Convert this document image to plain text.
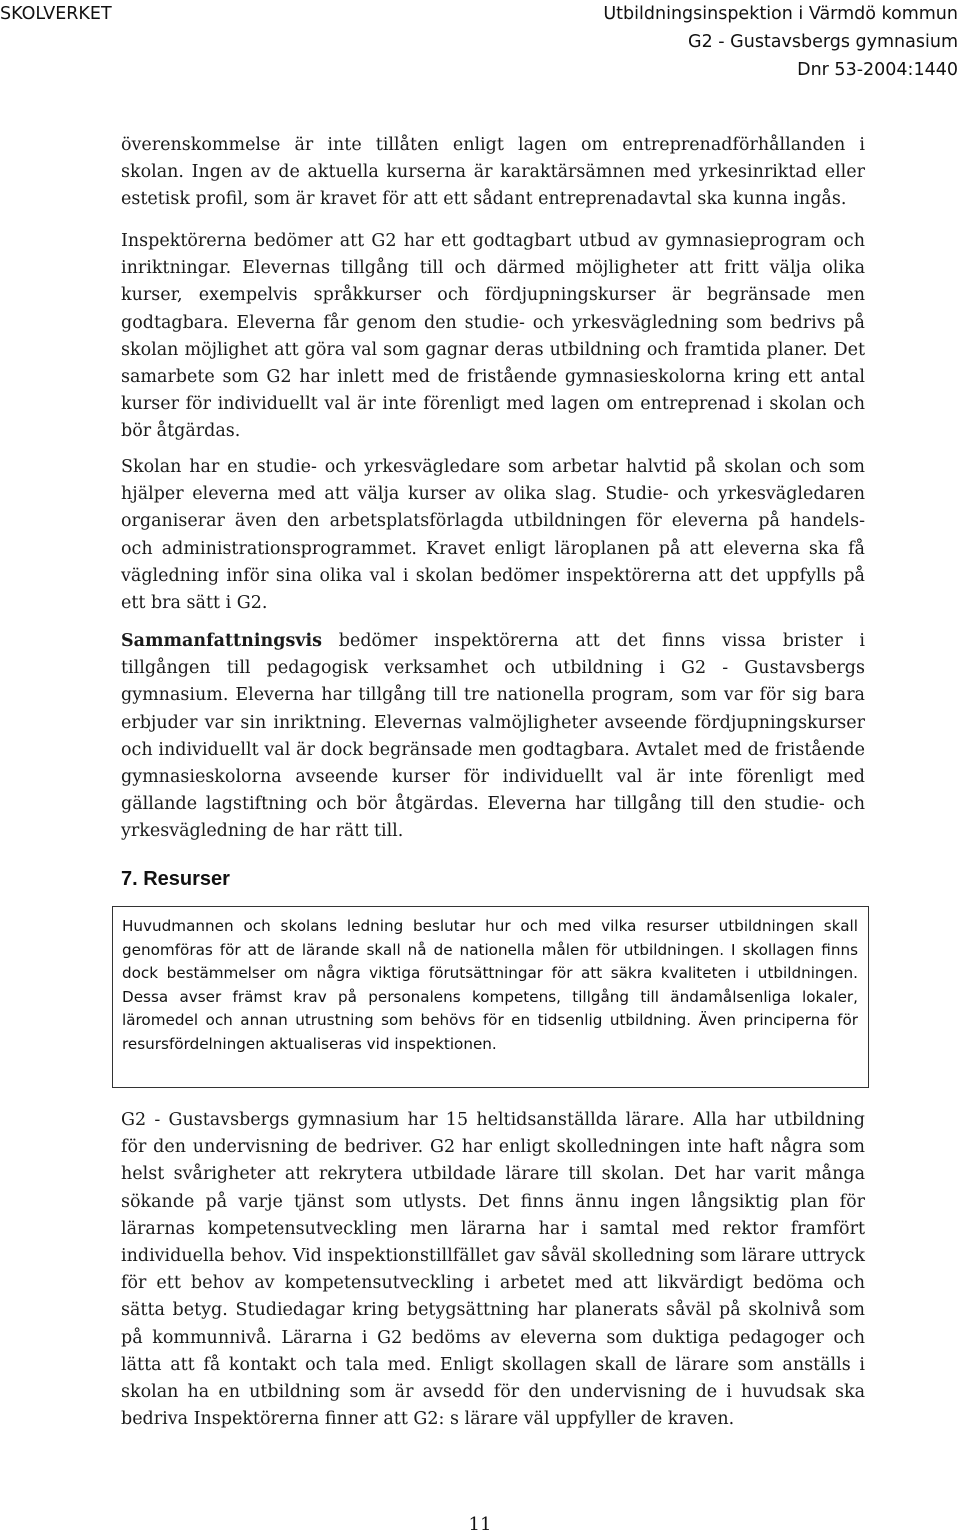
SKOLVERKET	Utbildningsinspektion i Värmdö kommun
G2 - Gustavsbergs gymnasium
Dnr 53-2004:1440

överenskommelse är inte tillåten enligt lagen om entreprenadförhållanden i skolan. Ingen av de aktuella kurserna är karaktärsämnen med yrkesinriktad eller estetisk profil, som är kravet för att ett sådant entreprenadavtal ska kunna ingås.

Inspektörerna bedömer att G2 har ett godtagbart utbud av gymnasieprogram och inriktningar. Elevernas tillgång till och därmed möjligheter att fritt välja olika kurser, exempelvis språkkurser och fördjupningskurser är begränsade men godtagbara. Eleverna får genom den studie- och yrkesvägledning som bedrivs på skolan möjlighet att göra val som gagnar deras utbildning och framtida planer. Det samarbete som G2 har inlett med de fristående gymnasieskolorna kring ett antal kurser för individuellt val är inte förenligt med lagen om entreprenad i skolan och bör åtgärdas.

Skolan har en studie- och yrkesvägledare som arbetar halvtid på skolan och som hjälper eleverna med att välja kurser av olika slag. Studie- och yrkesvägledaren organiserar även den arbetsplatsförlagda utbildningen för eleverna på handels- och administrationsprogrammet. Kravet enligt läroplanen på att eleverna ska få vägledning inför sina olika val i skolan bedömer inspektörerna att det uppfylls på ett bra sätt i G2.

Sammanfattningsvis bedömer inspektörerna att det finns vissa brister i tillgången till pedagogisk verksamhet och utbildning i G2 - Gustavsbergs gymnasium. Eleverna har tillgång till tre nationella program, som var för sig bara erbjuder var sin inriktning. Elevernas valmöjligheter avseende fördjupningskurser och individuellt val är dock begränsade men godtagbara. Avtalet med de fristående gymnasieskolorna avseende kurser för individuellt val är inte förenligt med gällande lagstiftning och bör åtgärdas. Eleverna har tillgång till den studie- och yrkesvägledning de har rätt till.

7. Resurser
Huvudmannen och skolans ledning beslutar hur och med vilka resurser utbildningen skall genomföras för att de lärande skall nå de nationella målen för utbildningen. I skollagen finns dock bestämmelser om några viktiga förutsättningar för att säkra kvaliteten i utbildningen. Dessa avser främst krav på personalens kompetens, tillgång till ändamålsenliga lokaler, läromedel och annan utrustning som behövs för en tidsenlig utbildning. Även principerna för resursfördelningen aktualiseras vid inspektionen.

G2 - Gustavsbergs gymnasium har 15 heltidsanställda lärare. Alla har utbildning för den undervisning de bedriver. G2 har enligt skolledningen inte haft några som helst svårigheter att rekrytera utbildade lärare till skolan. Det har varit många sökande på varje tjänst som utlysts. Det finns ännu ingen långsiktig plan för lärarnas kompetensutveckling men lärarna har i samtal med rektor framfört individuella behov. Vid inspektionstillfället gav såväl skolledning som lärare uttryck för ett behov av kompetensutveckling i arbetet med att likvärdigt bedöma och sätta betyg. Studiedagar kring betygsättning har planerats såväl på skolnivå som på kommunnivå. Lärarna i G2 bedöms av eleverna som duktiga pedagoger och lätta att få kontakt och tala med. Enligt skollagen skall de lärare som anställs i skolan ha en utbildning som är avsedd för den undervisning de i huvudsak ska bedriva Inspektörerna finner att G2: s lärare väl uppfyller de kraven.

11
